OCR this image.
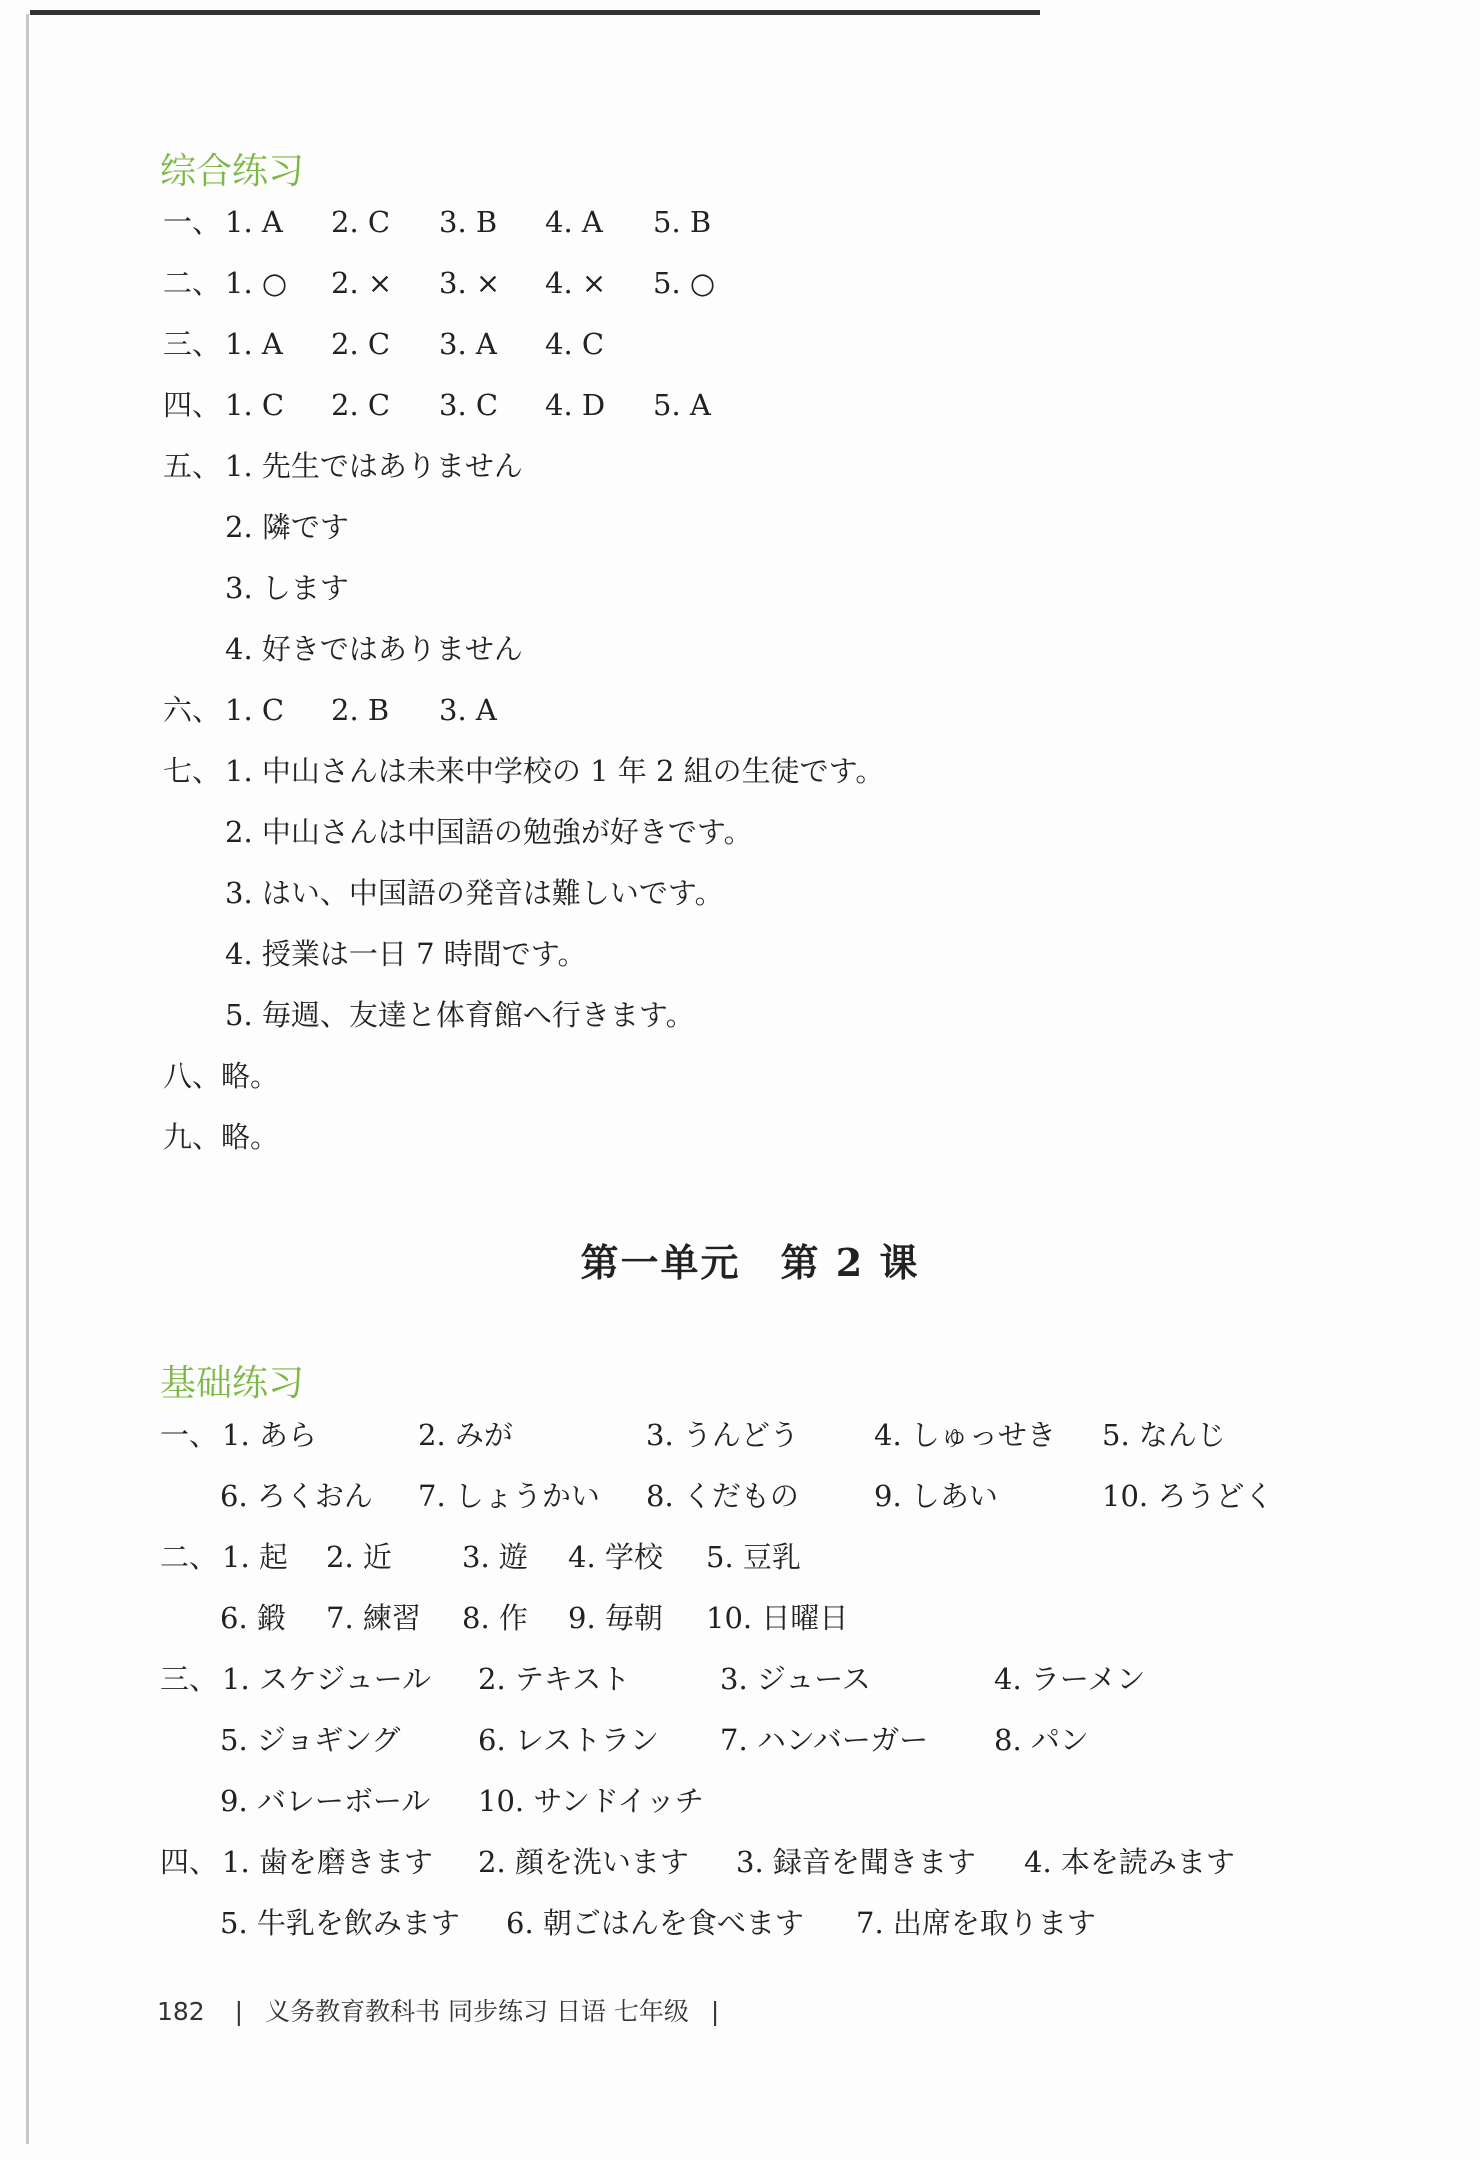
综合练习
一、 1. A 2. C 3. B 4. A 5. B
二、 1. ○ 2. × 3. × 4. × 5. ○
三、 1. A 2. C 3. A 4. C
四、 1. C 2. C 3. C 4. D 5. A
五、 1. 先生ではありません
2. 隣です
3. します
4. 好きではありません
六、 1. C 2. B 3. A
七、 1. 中山さんは未来中学校の 1 年 2 組の生徒です。
2. 中山さんは中国語の勉強が好きです。
3. はい、中国語の発音は難しいです。
4. 授業は一日 7 時間です。
5. 毎週、友達と体育館へ行きます。
八、 略。
九、 略。
第一单元　第 2 课
基础练习
一、 1. あら	2. みが	3. うんどう	4. しゅっせき 5. なんじ
6. ろくおん 7. しょうかい 8. くだもの	9. しあい	10. ろうどく
二、 1. 起 2. 近 3. 遊 4. 学校 5. 豆乳
6. 鍛 7. 練習 8. 作 9. 毎朝 10. 日曜日
三、 1. スケジュール 2. テキスト	3. ジュース	4. ラーメン
5. ジョギング	6. レストラン 7. ハンバーガー 8. パン
9. バレーボール 10. サンドイッチ
四、 1. 歯を磨きます 2. 顔を洗います 3. 録音を聞きます 4. 本を読みます
5. 牛乳を飲みます 6. 朝ごはんを食べます 7. 出席を取ります
182 | 义务教育教科书 同步练习 日语 七年级 |
